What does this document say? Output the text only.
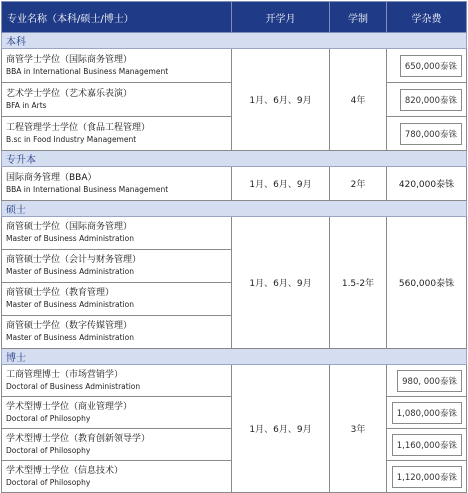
专业名称（本科/硕士/博士）	开学月	学制	学杂费
本科			

商管学士学位（国际商务管理）
BBA in International Business Management	1月、6月、9月	4年	650,000泰铢

艺术学士学位（艺术嘉乐表演）
BFA in Arts			820,000泰铢

工程管理学士学位（食品工程管理）
B.sc in Food Industry Management			780,000泰铢
专升本			

国际商务管理（BBA）
BBA in International Business Management	1月、6月、9月	2年	420,000泰铢
硕士			

商管硕士学位（国际商务管理）
Master of Business Administration	1月、6月、9月	1.5-2年	560,000泰铢

商管硕士学位（会计与财务管理）
Master of Business Administration			

商管硕士学位（教育管理）
Master of Business Administration			

商管硕士学位（数字传媒管理）
Master of Business Administration			

博士			

工商管理博士（市场营销学）
Doctoral of Business Administration	1月、6月、9月	3年	980, 000泰铢

学术型博士学位（商业管理学）
Doctoral of Philosophy			1,080,000泰铢

学术型博士学位（教育创新领导学）
Doctoral of Philosophy			1,160,000泰铢

学术型博士学位（信息技术）
Doctoral of Philosophy			1,120,000泰铢
